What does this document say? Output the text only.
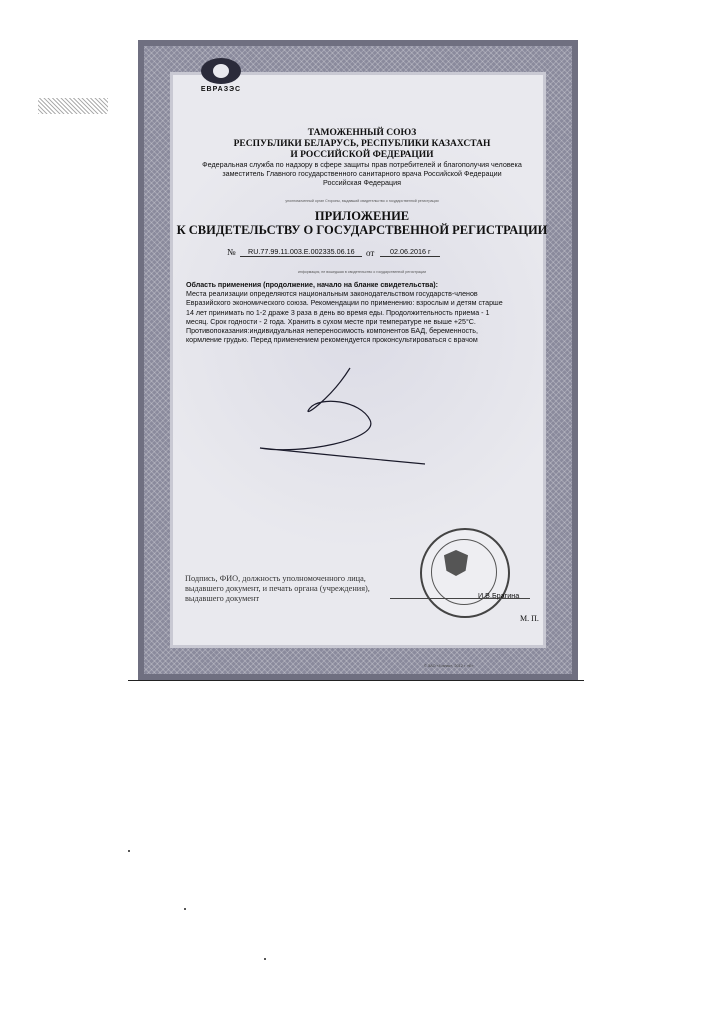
ЕВРАЗЭС
ТАМОЖЕННЫЙ СОЮЗ
РЕСПУБЛИКИ БЕЛАРУСЬ, РЕСПУБЛИКИ КАЗАХСТАН
И РОССИЙСКОЙ ФЕДЕРАЦИИ
Федеральная служба по надзору в сфере защиты прав потребителей и благополучия человека
заместитель Главного государственного санитарного врача Российской Федерации
Российская Федерация
уполномоченный орган Стороны, выдавший свидетельство о государственной регистрации
ПРИЛОЖЕНИЕ
К СВИДЕТЕЛЬСТВУ О ГОСУДАРСТВЕННОЙ РЕГИСТРАЦИИ
№ RU.77.99.11.003.Е.002335.06.16 от 02.06.2016 г
информация, не вошедшая в свидетельство о государственной регистрации
Область применения (продолжение, начало на бланке свидетельства):
Места реализации определяются национальным законодательством государств-членов Евразийского экономического союза. Рекомендации по применению: взрослым и детям старше 14 лет принимать по 1-2 драже 3 раза в день во время еды. Продолжительность приема - 1 месяц. Срок годности - 2 года. Хранить в сухом месте при температуре не выше +25°С. Противопоказания:индивидуальная непереносимость компонентов БАД, беременность, кормление грудью. Перед применением рекомендуется проконсультироваться с врачом
Подпись, ФИО, должность уполномоченного лица, выдавшего документ, и печать органа (учреждения), выдавшего документ	И.В.Брагина
М. П.
© ЗАО «Гознак», 2012 г. «Б»
